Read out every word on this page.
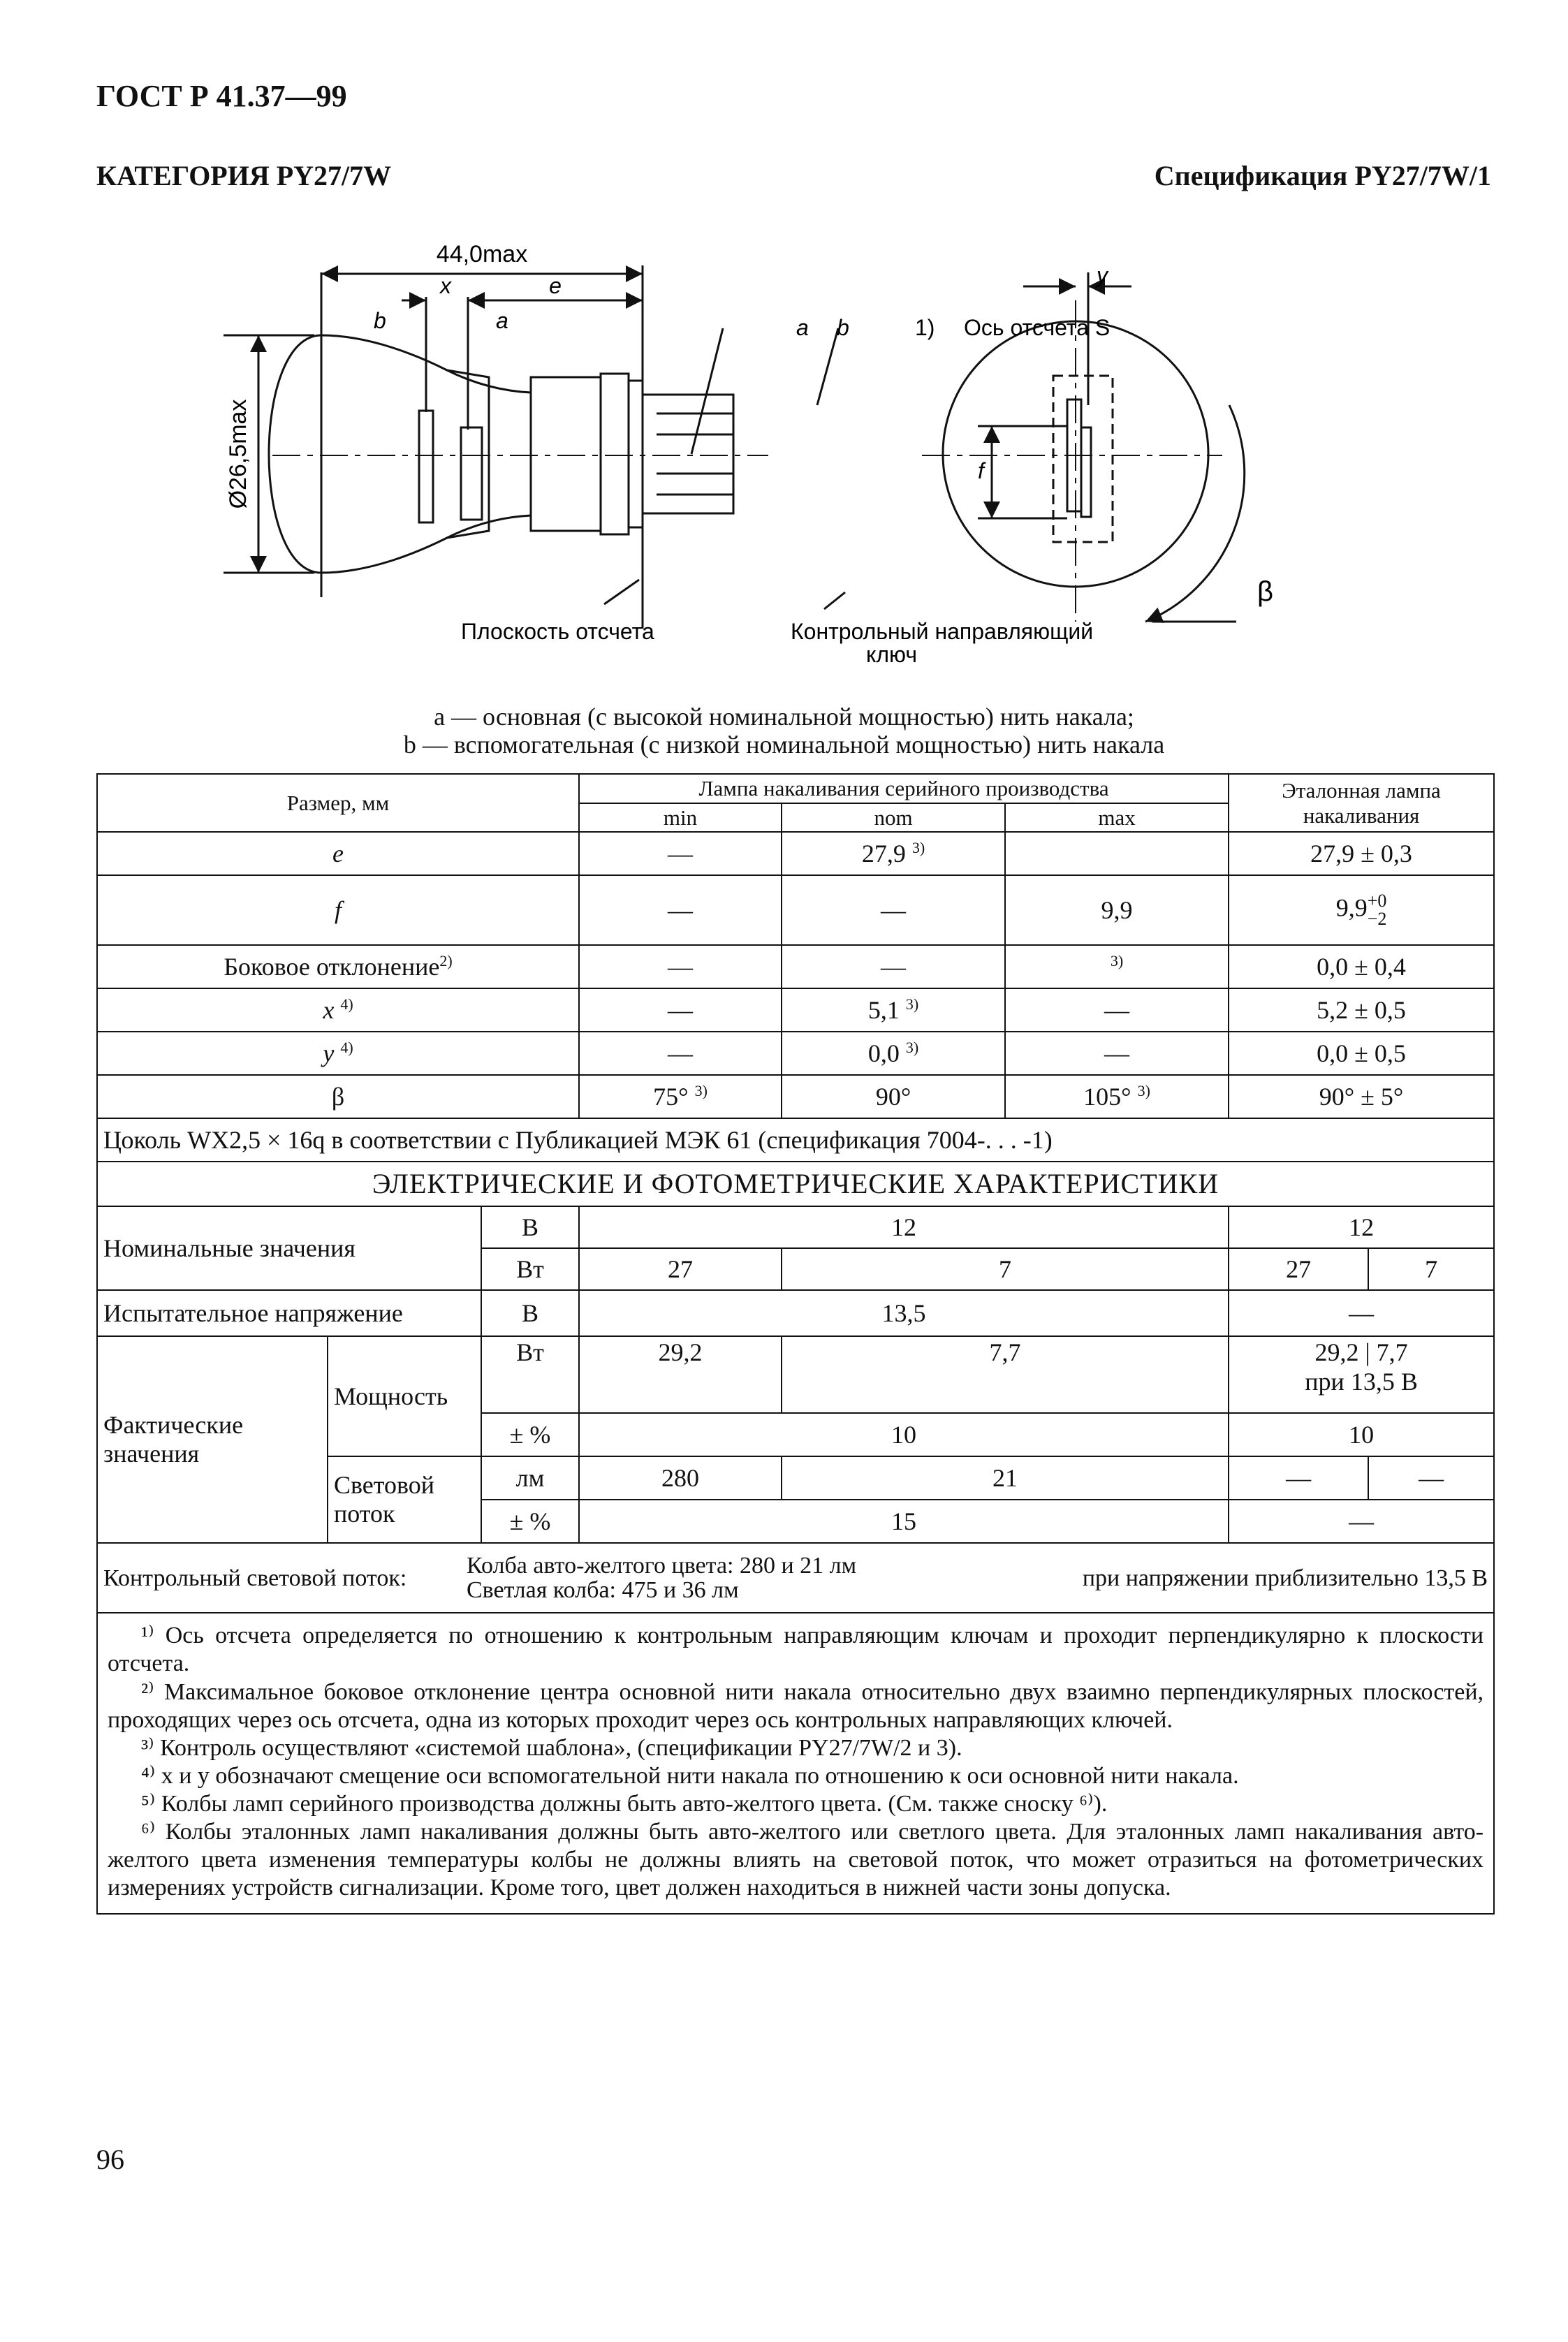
ГОСТ Р 41.37—99
КАТЕГОРИЯ PY27/7W	Спецификация PY27/7W/1
44,0max
x	e
Ø26,5max
b	a	a b	1) Ось отсчета S
y
f
β
Плоскость отсчета	Контрольный направляющий
ключ
a — основная (с высокой номинальной мощностью) нить накала;
b — вспомогательная (с низкой номинальной мощностью) нить накала
Размер, мм	Лампа накаливания серийного производства	Эталонная лампа накаливания
min	nom	max
e	—	27,9 $^{3)}$		27,9 ± 0,3
f	—	—	9,9	9,9+0
−2
Боковое отклонение$^{2)}$	—	—	$^{3)}$	0,0 ± 0,4
x $^{4)}$	—	5,1 $^{3)}$	—	5,2 ± 0,5
y $^{4)}$	—	0,0 $^{3)}$	—	0,0 ± 0,5
β	75° $^{3)}$	90°	105° $^{3)}$	90° ± 5°
Цоколь WX2,5 × 16q в соответствии с Публикацией МЭК 61 (спецификация 7004-. . . -1)
ЭЛЕКТРИЧЕСКИЕ И ФОТОМЕТРИЧЕСКИЕ ХАРАКТЕРИСТИКИ
Номинальные значения	В	12	12
Вт	27	7	27	7
Испытательное напряжение	В	13,5	—
Фактические значения	Мощность	Вт	29,2	7,7	29,2 | 7,7
при 13,5 В
± %	10	10
Световой поток	лм	280	21	—	—
± %	15	—

Контрольный световой поток:	Колба авто-желтого цвета: 280 и 21 лм
Светлая колба: 475 и 36 лм	при напряжении приблизительно 13,5 В

¹⁾ Ось отсчета определяется по отношению к контрольным направляющим ключам и проходит перпендикулярно к плоскости отсчета.
²⁾ Максимальное боковое отклонение центра основной нити накала относительно двух взаимно перпендикулярных плоскостей, проходящих через ось отсчета, одна из которых проходит через ось контрольных направляющих ключей.
³⁾ Контроль осуществляют «системой шаблона», (спецификации PY27/7W/2 и 3).
⁴⁾ x и y обозначают смещение оси вспомогательной нити накала по отношению к оси основной нити накала.
⁵⁾ Колбы ламп серийного производства должны быть авто-желтого цвета. (См. также сноску ⁶⁾).
⁶⁾ Колбы эталонных ламп накаливания должны быть авто-желтого или светлого цвета. Для эталонных ламп накаливания авто-желтого цвета изменения температуры колбы не должны влиять на световой поток, что может отразиться на фотометрических измерениях устройств сигнализации. Кроме того, цвет должен находиться в нижней части зоны допуска.
96
